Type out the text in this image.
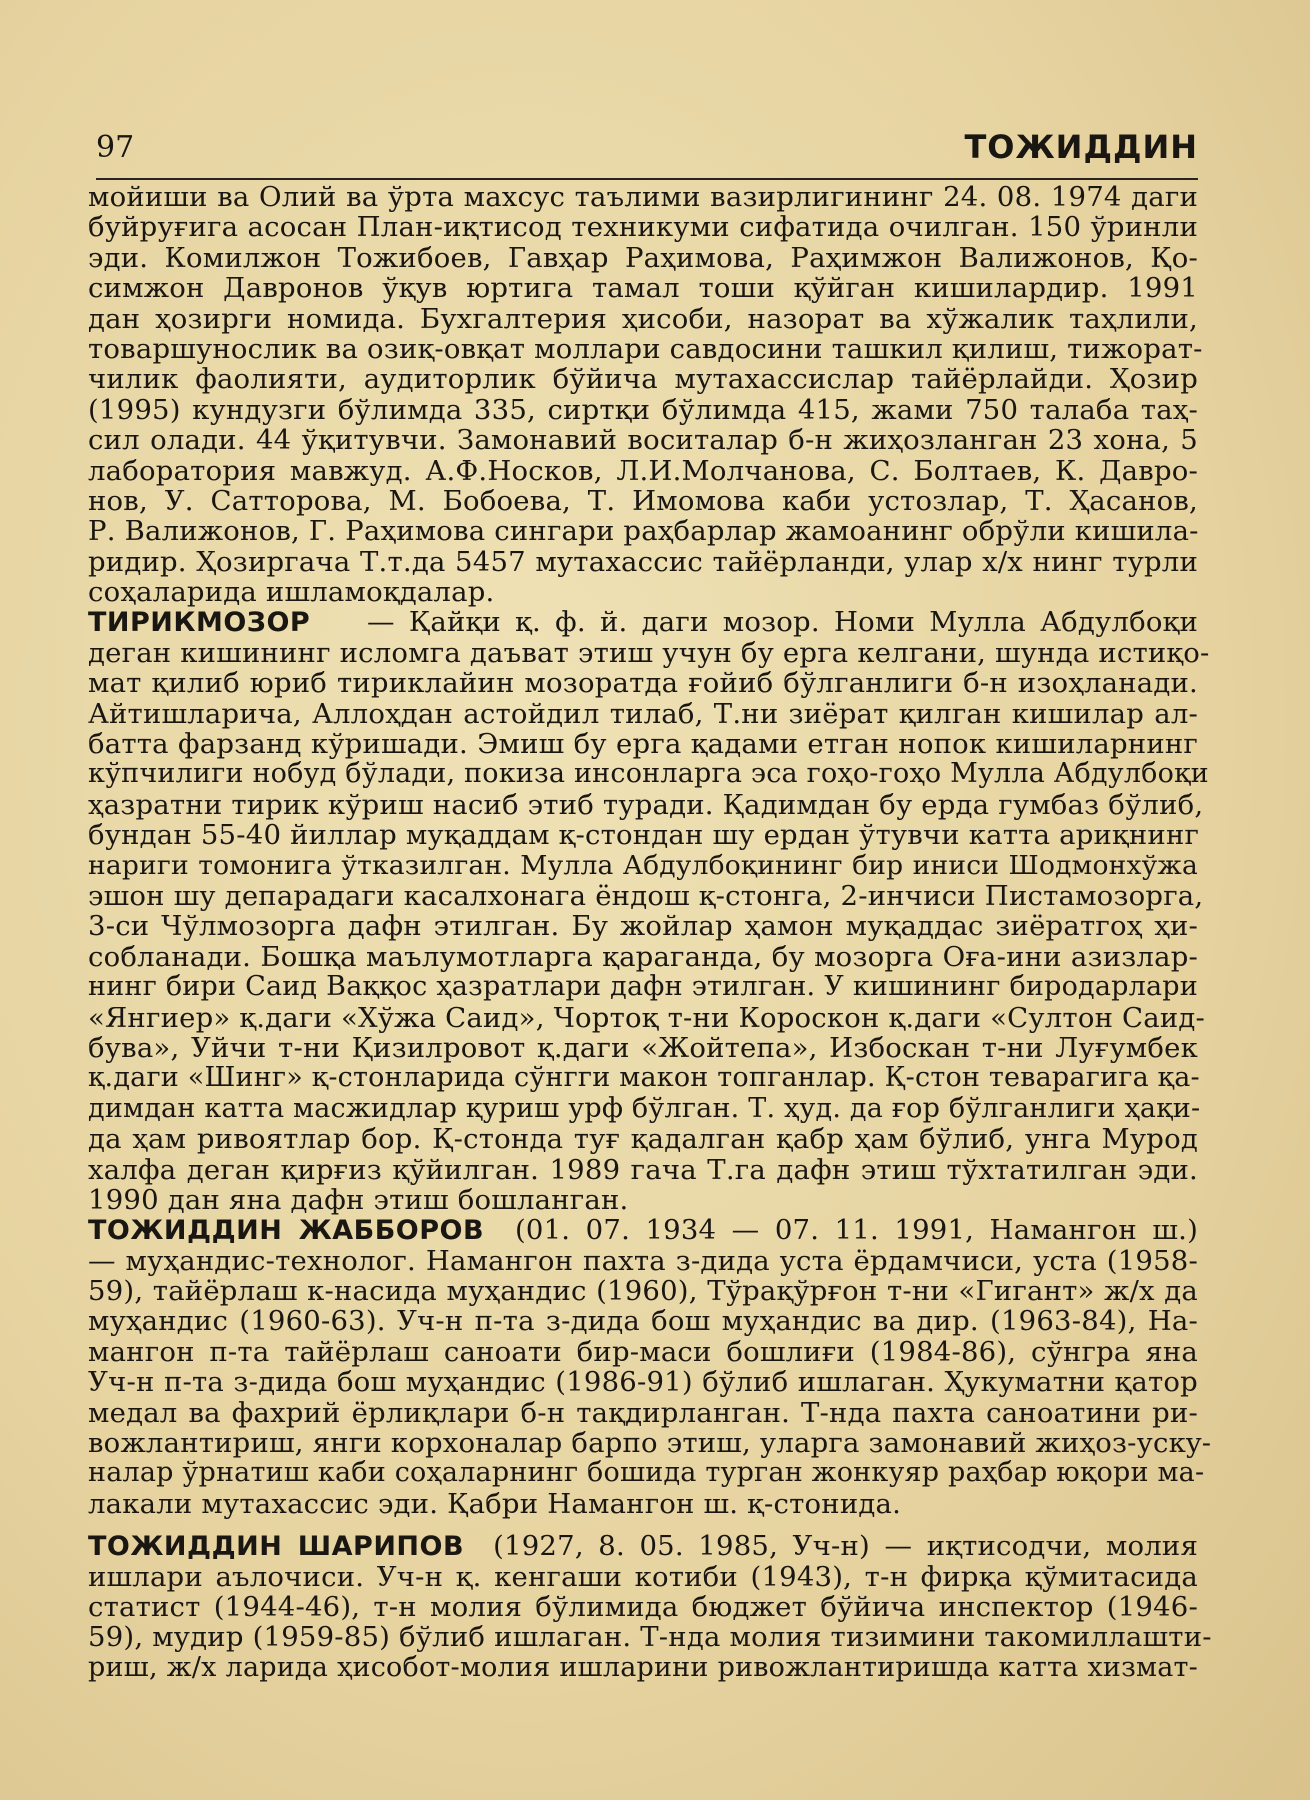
97	ТОЖИДДИН
мойиши ва Олий ва ўрта махсус таълими вазирлигининг 24. 08. 1974 даги
буйруғига асосан План-иқтисод техникуми сифатида очилган. 150 ўринли
эди. Комилжон Тожибоев, Гавҳар Раҳимова, Раҳимжон Валижонов, Қо-
симжон Давронов ўқув юртига тамал тоши қўйган кишилардир. 1991
дан ҳозирги номида. Бухгалтерия ҳисоби, назорат ва хўжалик таҳлили,
товаршунослик ва озиқ-овқат моллари савдосини ташкил қилиш, тижорат-
чилик фаолияти, аудиторлик бўйича мутахассислар тайёрлайди. Ҳозир
(1995) кундузги бўлимда 335, сиртқи бўлимда 415, жами 750 талаба таҳ-
сил олади. 44 ўқитувчи. Замонавий воситалар б-н жиҳозланган 23 хона, 5
лаборатория мавжуд. А.Ф.Носков, Л.И.Молчанова, С. Болтаев, К. Давро-
нов, У. Сатторова, М. Бобоева, Т. Имомова каби устозлар, Т. Ҳасанов,
Р. Валижонов, Г. Раҳимова сингари раҳбарлар жамоанинг обрўли кишила-
ридир. Ҳозиргача Т.т.да 5457 мутахассис тайёрланди, улар х/х нинг турли
соҳаларида ишламоқдалар.
ТИРИКМОЗОР — Қайқи қ. ф. й. даги мозор. Номи Мулла Абдулбоқи
деган кишининг исломга даъват этиш учун бу ерга келгани, шунда истиқо-
мат қилиб юриб тириклайин мозоратда ғойиб бўлганлиги б-н изоҳланади.
Айтишларича, Аллоҳдан астойдил тилаб, Т.ни зиёрат қилган кишилар ал-
батта фарзанд кўришади. Эмиш бу ерга қадами етган нопок кишиларнинг
кўпчилиги нобуд бўлади, покиза инсонларга эса гоҳо-гоҳо Мулла Абдулбоқи
ҳазратни тирик кўриш насиб этиб туради. Қадимдан бу ерда гумбаз бўлиб,
бундан 55-40 йиллар муқаддам қ-стондан шу ердан ўтувчи катта ариқнинг
нариги томонига ўтказилган. Мулла Абдулбоқининг бир иниси Шодмонхўжа
эшон шу депарадаги касалхонага ёндош қ-стонга, 2-инчиси Пистамозорга,
3-си Чўлмозорга дафн этилган. Бу жойлар ҳамон муқаддас зиёратгоҳ ҳи-
собланади. Бошқа маълумотларга қараганда, бу мозорга Оға-ини азизлар-
нинг бири Саид Ваққос ҳазратлари дафн этилган. У кишининг биродарлари
«Янгиер» қ.даги «Хўжа Саид», Чортоқ т-ни Короскон қ.даги «Султон Саид-
бува», Уйчи т-ни Қизилровот қ.даги «Жойтепа», Избоскан т-ни Луғумбек
қ.даги «Шинг» қ-стонларида сўнгги макон топганлар. Қ-стон теварагига қа-
димдан катта масжидлар қуриш урф бўлган. Т. ҳуд. да ғор бўлганлиги ҳақи-
да ҳам ривоятлар бор. Қ-стонда туғ қадалган қабр ҳам бўлиб, унга Мурод
халфа деган қирғиз қўйилган. 1989 гача Т.га дафн этиш тўхтатилган эди.
1990 дан яна дафн этиш бошланган.
ТОЖИДДИН ЖАББОРОВ (01. 07. 1934 — 07. 11. 1991, Намангон ш.)
— муҳандис-технолог. Намангон пахта з-дида уста ёрдамчиси, уста (1958-
59), тайёрлаш к-насида муҳандис (1960), Тўрақўрғон т-ни «Гигант» ж/х да
муҳандис (1960-63). Уч-н п-та з-дида бош муҳандис ва дир. (1963-84), На-
мангон п-та тайёрлаш саноати бир-маси бошлиғи (1984-86), сўнгра яна
Уч-н п-та з-дида бош муҳандис (1986-91) бўлиб ишлаган. Ҳукуматни қатор
медал ва фахрий ёрлиқлари б-н тақдирланган. Т-нда пахта саноатини ри-
вожлантириш, янги корхоналар барпо этиш, уларга замонавий жиҳоз-ускy-
налар ўрнатиш каби соҳаларнинг бошида турган жонкуяр раҳбар юқори ма-
лакали мутахассис эди. Қабри Намангон ш. қ-стонида.
ТОЖИДДИН ШАРИПОВ (1927, 8. 05. 1985, Уч-н) — иқтисодчи, молия
ишлари аълочиси. Уч-н қ. кенгаши котиби (1943), т-н фирқа қўмитасида
статист (1944-46), т-н молия бўлимида бюджет бўйича инспектор (1946-
59), мудир (1959-85) бўлиб ишлаган. Т-нда молия тизимини такомиллашти-
риш, ж/х ларида ҳисобот-молия ишларини ривожлантиришда катта хизмат-
